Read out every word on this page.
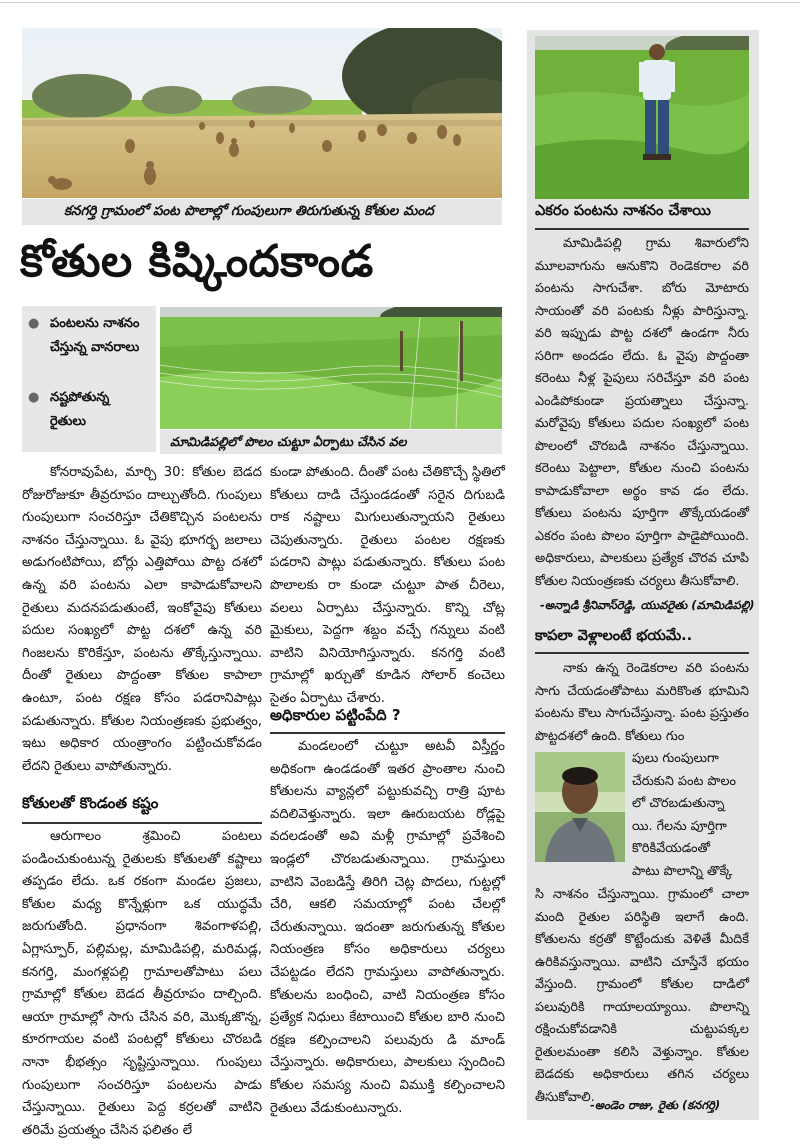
కనగర్తి గ్రామంలో పంట పొలాల్లో గుంపులుగా తిరుగుతున్న కోతుల మంద
కోతుల కిష్కిందకాండ
● పంటలను నాశనం చేస్తున్న వానరాలు
● నష్టపోతున్న రైతులు
మామిడిపల్లిలో పొలం చుట్టూ ఏర్పాటు చేసిన వల

కోనరావుపేట, మార్చి 30: కోతుల బెడద రోజురోజుకూ తీవ్రరూపం దాల్చుతోంది. గుంపులు గుంపులుగా సంచరిస్తూ చేతికొచ్చిన పంటలను నాశనం చేస్తున్నాయి. ఓ వైపు భూగర్భ జలాలు అడుగంటిపోయి, బోర్లు ఎత్తిపోయి పొట్ట దశలో ఉన్న వరి పంటను ఎలా కాపాడుకోవాలని రైతులు మదనపడుతుంటే, ఇంకోవైపు కోతులు పదుల సంఖ్యలో పొట్ట దశలో ఉన్న వరి గింజలను కొరికేస్తూ, పంటను తొక్కేస్తున్నాయి. దీంతో రైతులు పొద్దంతా కోతుల కాపాలా ఉంటూ, పంట రక్షణ కోసం పడరానిపాట్లు పడుతున్నారు. కోతుల నియంత్రణకు ప్రభుత్వం, ఇటు అధికార యంత్రాంగం పట్టించుకోవడం లేదని రైతులు వాపోతున్నారు.

కోతులతో కొండంత కష్టం

ఆరుగాలం శ్రమించి పంటలు పండించుకుంటున్న రైతులకు కోతులతో కష్టాలు తప్పడం లేదు. ఒక రకంగా మండల ప్రజలు, కోతుల మధ్య కొన్నేళ్లుగా ఒక యుద్ధమే జరుగుతోంది. ప్రధానంగా శివంగాళపల్లి, ఏగ్లాస్పూర్, పల్లిమల్ల, మామిడిపల్లి, మరిమడ్ల, కనగర్తి, మంగళ్లపల్లి గ్రామాలతోపాటు పలు గ్రామాల్లో కోతుల బెడద తీవ్రరూపం దాల్చింది. ఆయా గ్రామాల్లో సాగు చేసిన వరి, మొక్కజొన్న, కూరగాయల వంటి పంటల్లో కోతులు చొరబడి నానా భీభత్సం సృష్టిస్తున్నాయి. గుంపులు గుంపులుగా సంచరిస్తూ పంటలను పాడు చేస్తున్నాయి. రైతులు పెద్ద కర్రలతో వాటిని తరిమే ప్రయత్నం చేసిన ఫలితం లే

కుండా పోతుంది. దీంతో పంట చేతికొచ్చే స్థితిలో కోతులు దాడి చేస్తుండడంతో సరైన దిగుబడి రాక నష్టాలు మిగులుతున్నాయని రైతులు చెపుతున్నారు. రైతులు పంటల రక్షణకు పడరాని పాట్లు పడుతున్నారు. కోతులు పంట పొలాలకు రా కుండా చుట్టూ పాత చీరెలు, వలలు ఏర్పాటు చేస్తున్నారు. కొన్ని చోట్ల మైకులు, పెద్దగా శబ్దం వచ్చే గన్నులు వంటి వాటిని వినియోగిస్తున్నారు. కనగర్తి వంటి గ్రామాల్లో ఖర్చుతో కూడిన సోలార్ కంచెలు సైతం ఏర్పాటు చేశారు.

అధికారుల పట్టింపేది ?

మండలంలో చుట్టూ అటవీ విస్తీర్ణం అధికంగా ఉండడంతో ఇతర ప్రాంతాల నుంచి కోతులను వ్యాన్లలో పట్టుకువచ్చి రాత్రి పూట వదిలివెళ్తున్నారు. ఇలా ఊరుబయట రోడ్లపై వదలడంతో అవి మళ్లీ గ్రామాల్లో ప్రవేశించి ఇండ్లలో చొరబడుతున్నాయి. గ్రామస్తులు వాటిని వెంబడిస్తే తిరిగి చెట్ల పొదలు, గుట్టల్లో చేరి, ఆకలి సమయాల్లో పంట చేలల్లో చేరుతున్నాయి. ఇదంతా జరుగుతున్న కోతుల నియంత్రణ కోసం అధికారులు చర్యలు చేపట్టడం లేదని గ్రామస్తులు వాపోతున్నారు. కోతులను బంధించి, వాటి నియంత్రణ కోసం ప్రత్యేక నిధులు కేటాయించి కోతుల బారి నుంచి రక్షణ కల్పించాలని పలువురు డి మాండ్ చేస్తున్నారు. అధికారులు, పాలకులు స్పందించి కోతుల సమస్య నుంచి విముక్తి కల్పించాలని రైతులు వేడుకుంటున్నారు.

ఎకరం పంటను నాశనం చేశాయి

మామిడిపల్లి గ్రామ శివారులోని మూలవాగును ఆనుకొని రెండెకరాల వరి పంటను సాగుచేశా. బోరు మోటారు సాయంతో వరి పంటకు నీళ్లు పారిస్తున్నా. వరి ఇప్పుడు పొట్ట దశలో ఉండగా నీరు సరిగా అందడం లేదు. ఓ వైపు పొద్దంతా కరెంటు నీళ్ల పైపులు సరిచేస్తూ వరి పంట ఎండిపోకుండా ప్రయత్నాలు చేస్తున్నా. మరోవైపు కోతులు పదుల సంఖ్యలో పంట పొలంలో చొరబడి నాశనం చేస్తున్నాయి. కరెంటు పెట్టాలా, కోతుల నుంచి పంటను కాపాడుకోవాలా అర్థం కావ డం లేదు. కోతులు పంటను పూర్తిగా తొక్కేయడంతో ఎకరం పంట పొలం పూర్తిగా పాడైపోయింది. అధికారులు, పాలకులు ప్రత్యేక చొరవ చూపి కోతుల నియంత్రణకు చర్యలు తీసుకోవాలి.

-అన్నాడి శ్రీనివాస్‌రెడ్డి, యువరైతు (మామిడిపల్లి)
కాపలా వెళ్లాలంటే భయమే..

నాకు ఉన్న రెండెకరాల వరి పంటను సాగు చేయడంతోపాటు మరికొంత భూమిని పంటను కౌలు సాగుచేస్తున్నా. పంట ప్రస్తుతం పొట్టదశలో ఉంది. కోతులు గుం

పులు గుంపులుగా
చేరుకుని పంట పొలం
లో చొరబడుతున్నా
యి. గేలను పూర్తిగా
కొరికివేయడంతో
పాటు పొలాన్ని తొక్కే

సి నాశనం చేస్తున్నాయి. గ్రామంలో చాలా మంది రైతుల పరిస్థితి ఇలాగే ఉంది. కోతులను కర్రతో కొట్టేందుకు వెళితే మీదికే ఉరికివస్తున్నాయి. వాటిని చూస్తేనే భయం వేస్తుంది. గ్రామంలో కోతుల దాడిలో పలువురికి గాయాలయ్యాయి. పొలాన్ని రక్షించుకోవడానికి చుట్టుపక్కల రైతులమంతా కలిసి వెళ్తున్నాం. కోతుల బెడదకు అధికారులు తగిన చర్యలు తీసుకోవాలి.

-అండెం రాజు, రైతు (కనగర్తి)
